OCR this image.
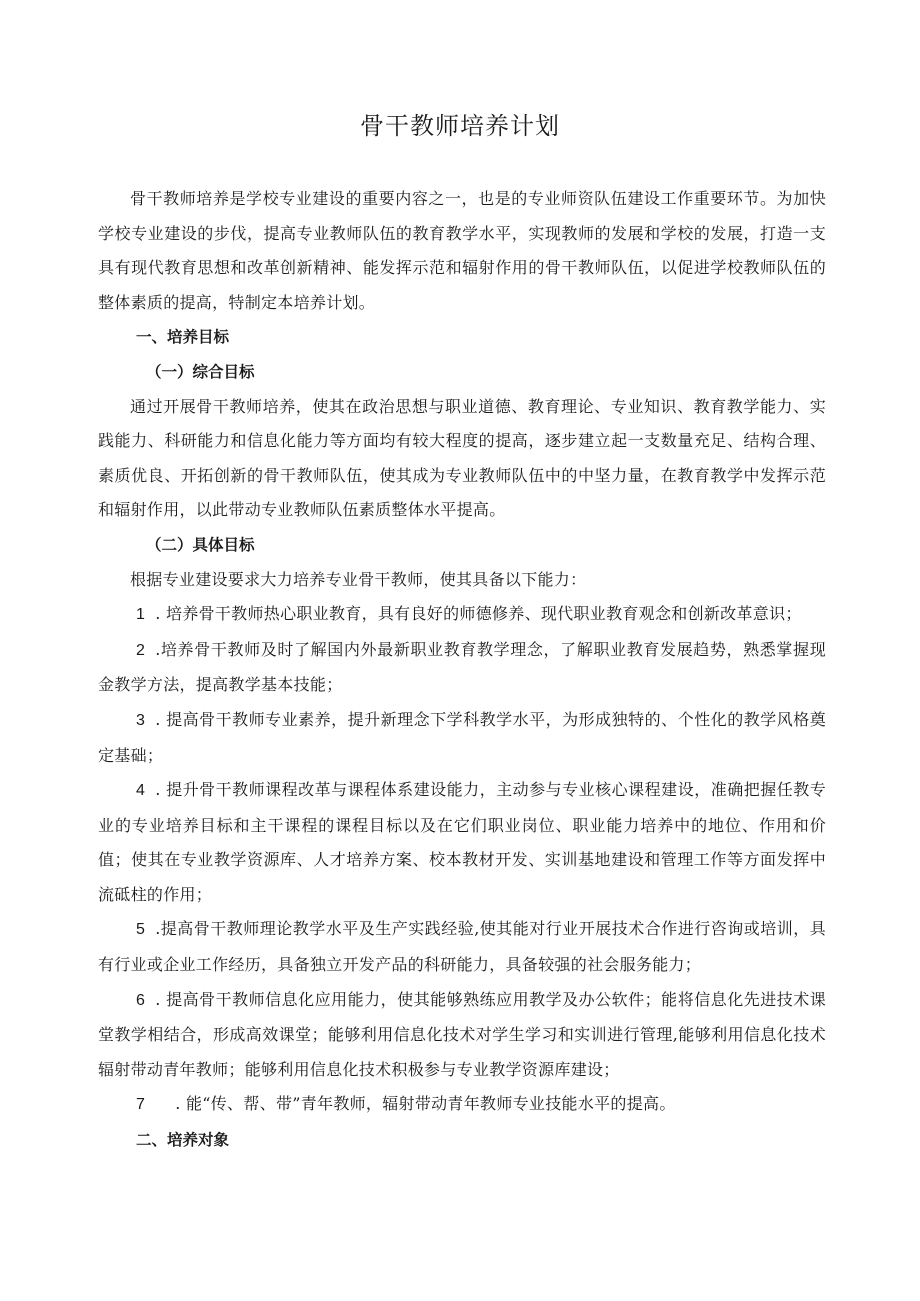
骨干教师培养计划

骨干教师培养是学校专业建设的重要内容之一，也是的专业师资队伍建设工作重要环节。为加快学校专业建设的步伐，提高专业教师队伍的教育教学水平，实现教师的发展和学校的发展，打造一支具有现代教育思想和改革创新精神、能发挥示范和辐射作用的骨干教师队伍，以促进学校教师队伍的整体素质的提高，特制定本培养计划。

一、培养目标

（一）综合目标

通过开展骨干教师培养，使其在政治思想与职业道德、教育理论、专业知识、教育教学能力、实践能力、科研能力和信息化能力等方面均有较大程度的提高，逐步建立起一支数量充足、结构合理、素质优良、开拓创新的骨干教师队伍，使其成为专业教师队伍中的中坚力量，在教育教学中发挥示范和辐射作用，以此带动专业教师队伍素质整体水平提高。

（二）具体目标

根据专业建设要求大力培养专业骨干教师，使其具备以下能力：

1 . 培养骨干教师热心职业教育，具有良好的师德修养、现代职业教育观念和创新改革意识；

2 .培养骨干教师及时了解国内外最新职业教育教学理念，了解职业教育发展趋势，熟悉掌握现金教学方法，提高教学基本技能；

3 . 提高骨干教师专业素养，提升新理念下学科教学水平，为形成独特的、个性化的教学风格奠定基础；

4 . 提升骨干教师课程改革与课程体系建设能力，主动参与专业核心课程建设，准确把握任教专业的专业培养目标和主干课程的课程目标以及在它们职业岗位、职业能力培养中的地位、作用和价值；使其在专业教学资源库、人才培养方案、校本教材开发、实训基地建设和管理工作等方面发挥中流砥柱的作用；

5 .提高骨干教师理论教学水平及生产实践经验,使其能对行业开展技术合作进行咨询或培训，具有行业或企业工作经历，具备独立开发产品的科研能力，具备较强的社会服务能力；

6 . 提高骨干教师信息化应用能力，使其能够熟练应用教学及办公软件；能将信息化先进技术课堂教学相结合，形成高效课堂；能够利用信息化技术对学生学习和实训进行管理,能够利用信息化技术辐射带动青年教师；能够利用信息化技术积极参与专业教学资源库建设；

7 . 能“传、帮、带”青年教师，辐射带动青年教师专业技能水平的提高。

二、培养对象
